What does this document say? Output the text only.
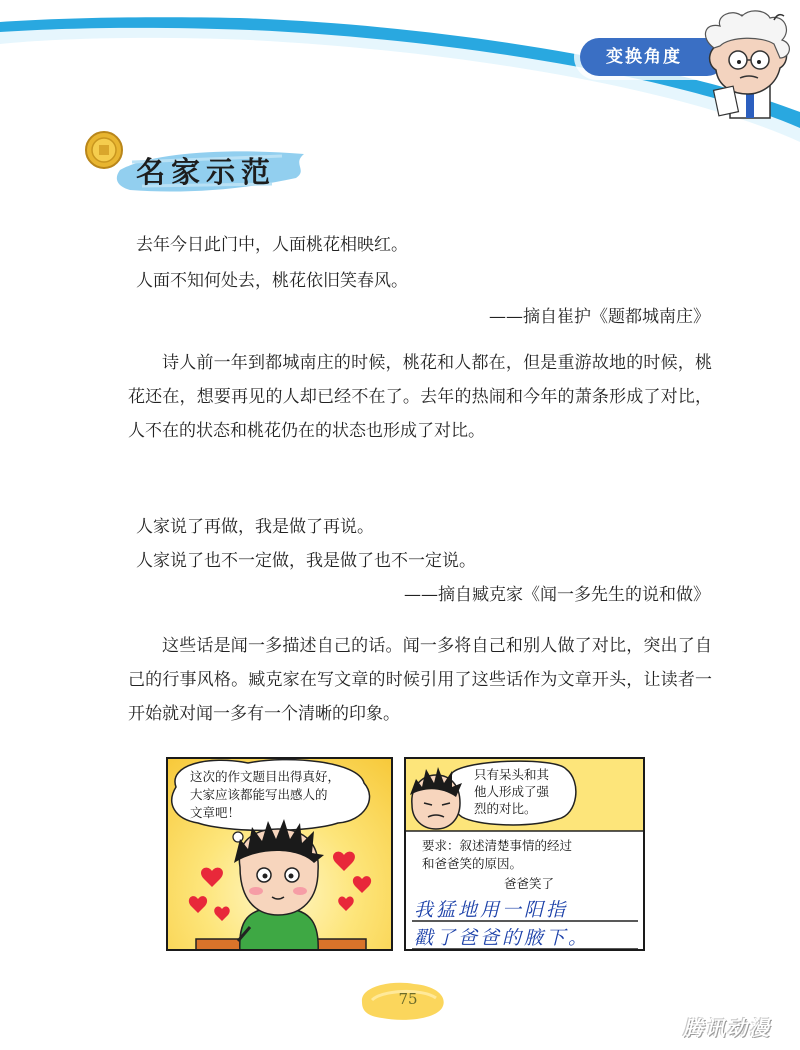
变换角度
名家示范
去年今日此门中，人面桃花相映红。
人面不知何处去，桃花依旧笑春风。
——摘自崔护《题都城南庄》
诗人前一年到都城南庄的时候，桃花和人都在，但是重游故地的时候，桃花还在，想要再见的人却已经不在了。去年的热闹和今年的萧条形成了对比，人不在的状态和桃花仍在的状态也形成了对比。
人家说了再做，我是做了再说。
人家说了也不一定做，我是做了也不一定说。
——摘自臧克家《闻一多先生的说和做》
这些话是闻一多描述自己的话。闻一多将自己和别人做了对比，突出了自己的行事风格。臧克家在写文章的时候引用了这些话作为文章开头，让读者一开始就对闻一多有一个清晰的印象。
这次的作文题目出得真好，
大家应该都能写出感人的
文章吧！
只有呆头和其
他人形成了强
烈的对比。
要求：叙述清楚事情的经过
和爸爸笑的原因。
爸爸笑了
我猛地用一阳指
戳了爸爸的腋下。
75
腾讯动漫
